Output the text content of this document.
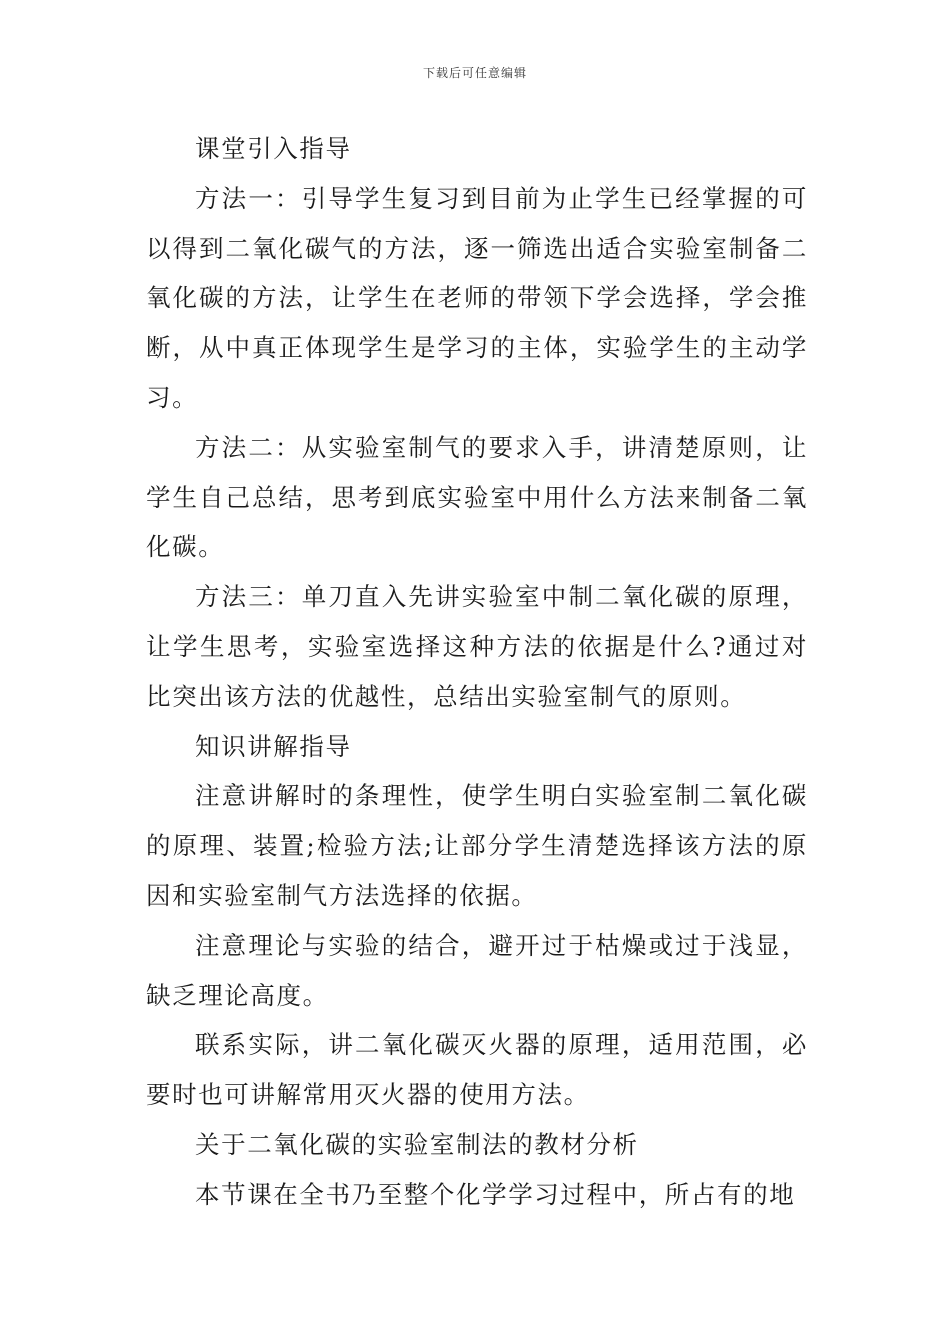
下载后可任意编辑

课堂引入指导

方法一：引导学生复习到目前为止学生已经掌握的可以得到二氧化碳气的方法，逐一筛选出适合实验室制备二氧化碳的方法，让学生在老师的带领下学会选择，学会推断，从中真正体现学生是学习的主体，实验学生的主动学习。

方法二：从实验室制气的要求入手，讲清楚原则，让学生自己总结，思考到底实验室中用什么方法来制备二氧化碳。

方法三：单刀直入先讲实验室中制二氧化碳的原理，让学生思考，实验室选择这种方法的依据是什么?通过对比突出该方法的优越性，总结出实验室制气的原则。

知识讲解指导

注意讲解时的条理性，使学生明白实验室制二氧化碳的原理、装置;检验方法;让部分学生清楚选择该方法的原因和实验室制气方法选择的依据。

注意理论与实验的结合，避开过于枯燥或过于浅显，缺乏理论高度。

联系实际，讲二氧化碳灭火器的原理，适用范围，必要时也可讲解常用灭火器的使用方法。

关于二氧化碳的实验室制法的教材分析

本节课在全书乃至整个化学学习过程中，所占有的地
